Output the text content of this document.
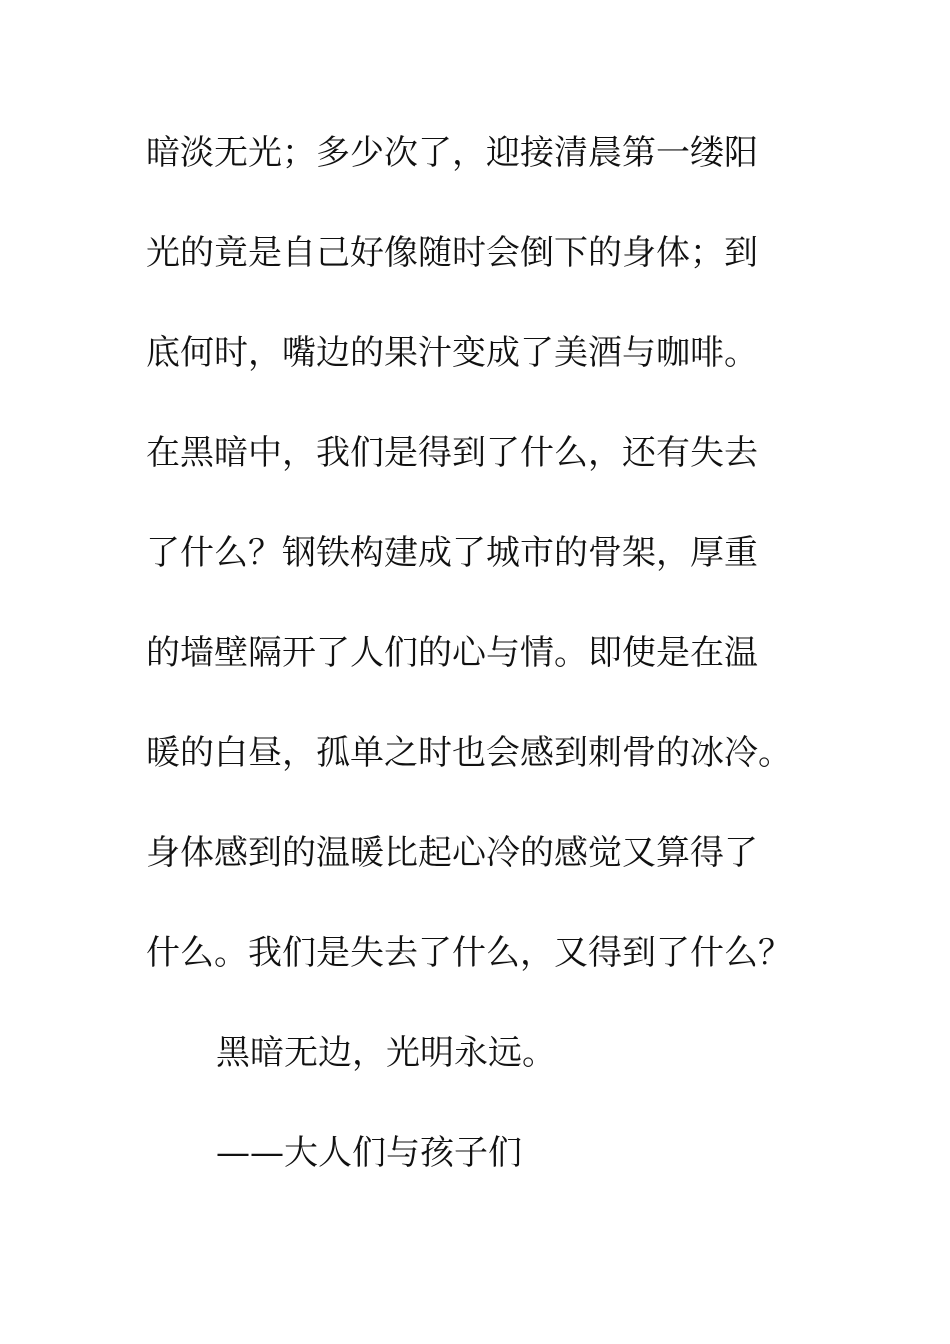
暗淡无光；多少次了，迎接清晨第一缕阳
光的竟是自己好像随时会倒下的身体；到
底何时，嘴边的果汁变成了美酒与咖啡。
在黑暗中，我们是得到了什么，还有失去
了什么？钢铁构建成了城市的骨架，厚重
的墙壁隔开了人们的心与情。即使是在温
暖的白昼，孤单之时也会感到刺骨的冰冷。
身体感到的温暖比起心冷的感觉又算得了
什么。我们是失去了什么，又得到了什么？
黑暗无边，光明永远。
——大人们与孩子们
